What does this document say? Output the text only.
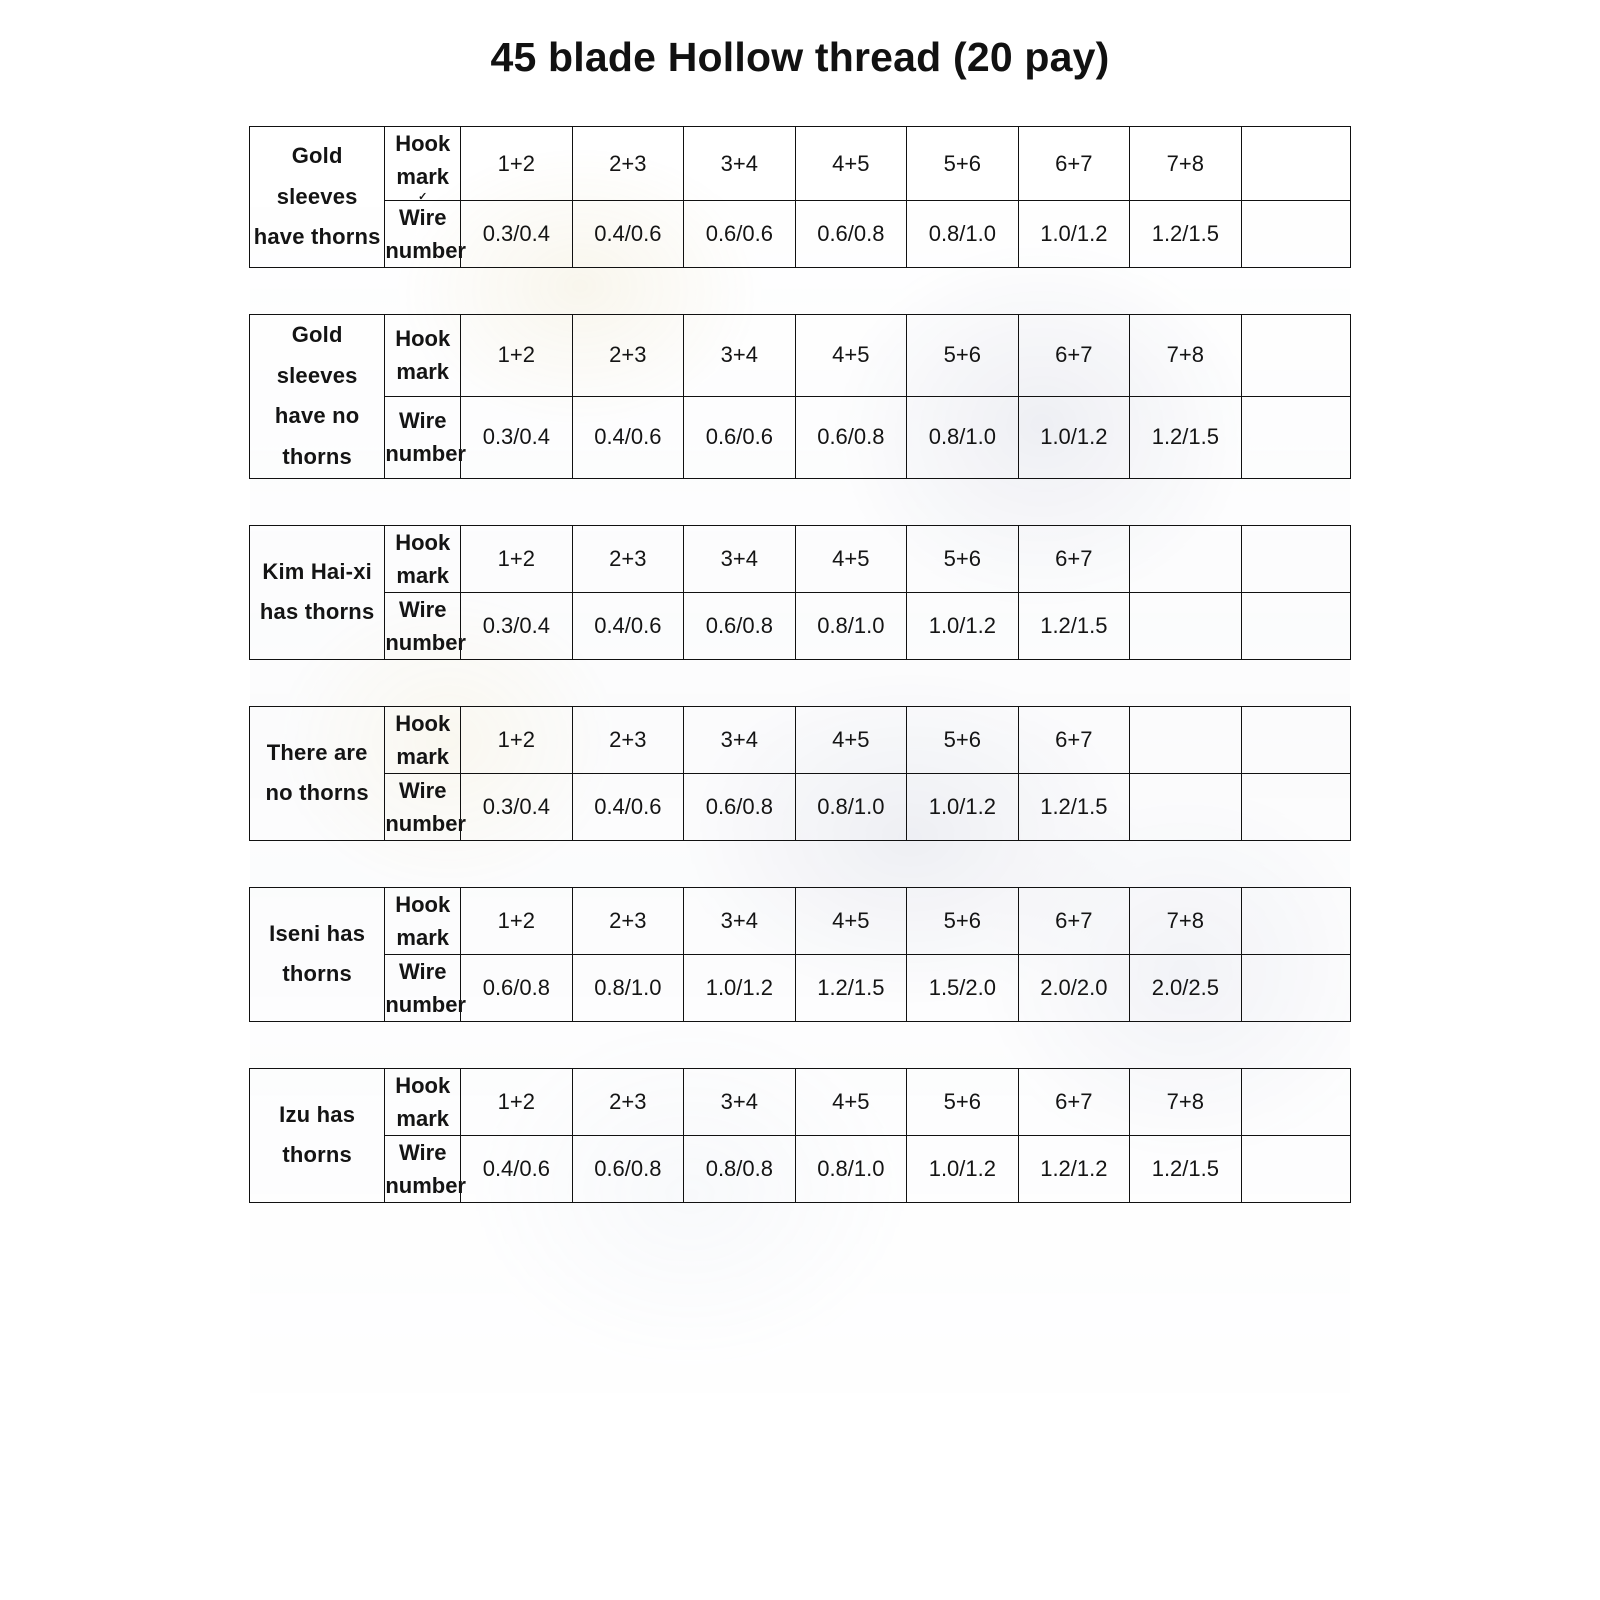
45 blade Hollow thread (20 pay)
Gold sleeves
have thorns

Hook
mark
✓
	1+2	2+3	3+4	4+5	5+6	6+7	7+8	

	Wire
number	0.3/0.4	0.4/0.6	0.6/0.6	0.6/0.8	0.8/1.0	1.0/1.2	1.2/1.5	

Gold sleeves
have no thorns

Hook
mark
	1+2	2+3	3+4	4+5	5+6	6+7	7+8	

	Wire
number	0.3/0.4	0.4/0.6	0.6/0.6	0.6/0.8	0.8/1.0	1.0/1.2	1.2/1.5	

Kim Hai-xi
has thorns

Hook
mark
	1+2	2+3	3+4	4+5	5+6	6+7		

	Wire
number	0.3/0.4	0.4/0.6	0.6/0.8	0.8/1.0	1.0/1.2	1.2/1.5		

There are
no thorns

Hook
mark
	1+2	2+3	3+4	4+5	5+6	6+7		

	Wire
number	0.3/0.4	0.4/0.6	0.6/0.8	0.8/1.0	1.0/1.2	1.2/1.5		

Iseni has
thorns

Hook
mark
	1+2	2+3	3+4	4+5	5+6	6+7	7+8	

	Wire
number	0.6/0.8	0.8/1.0	1.0/1.2	1.2/1.5	1.5/2.0	2.0/2.0	2.0/2.5	

Izu has
thorns

Hook
mark
	1+2	2+3	3+4	4+5	5+6	6+7	7+8	

	Wire
number	0.4/0.6	0.6/0.8	0.8/0.8	0.8/1.0	1.0/1.2	1.2/1.2	1.2/1.5	
